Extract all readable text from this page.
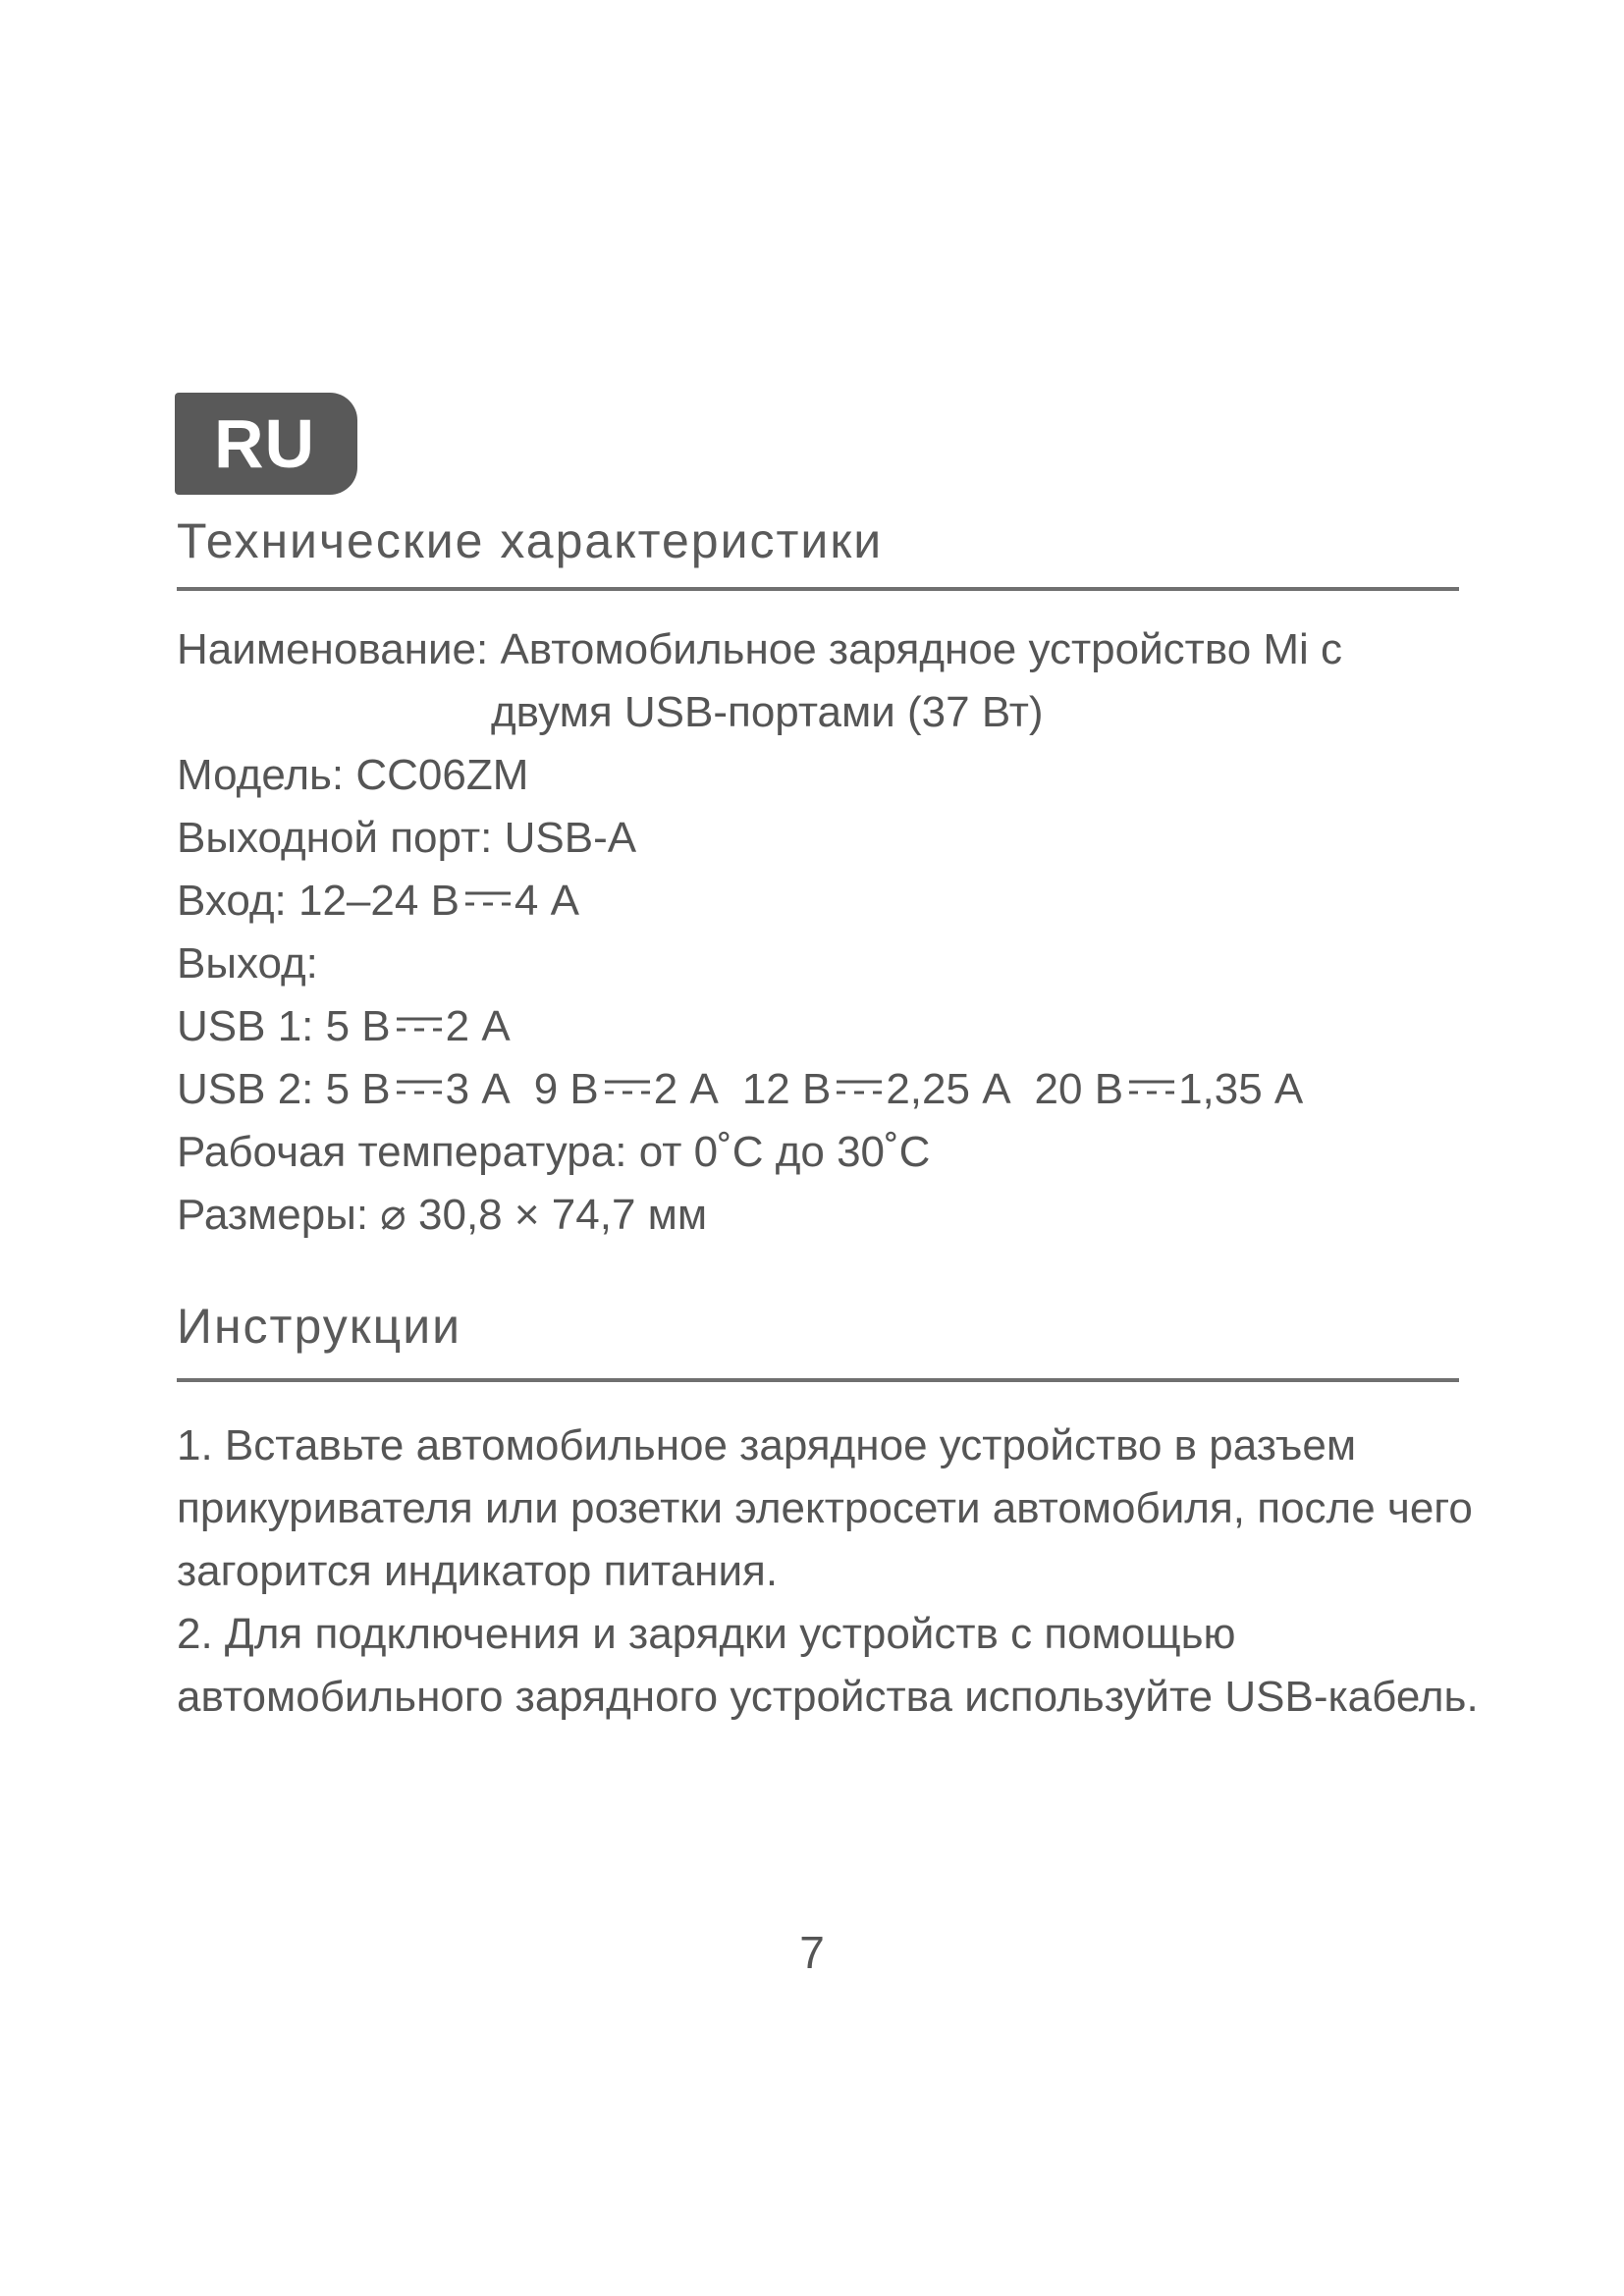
RU
Технические характеристики
Наименование: Автомобильное зарядное устройство Mi с
двумя USB-портами (37 Вт)
Модель: CC06ZM
Выходной порт: USB-A
Вход: 12–24 В 4 А
Выход:
USB 1: 5 В 2 А
USB 2: 5 В 3 А 9 В 2 А 12 В 2,25 А 20 В 1,35 А
Рабочая температура: от 0˚C до 30˚C
Размеры: ⌀ 30,8 × 74,7 мм
Инструкции
1. Вставьте автомобильное зарядное устройство в разъем
прикуривателя или розетки электросети автомобиля, после чего
загорится индикатор питания.
2. Для подключения и зарядки устройств с помощью
автомобильного зарядного устройства используйте USB-кабель.
7
